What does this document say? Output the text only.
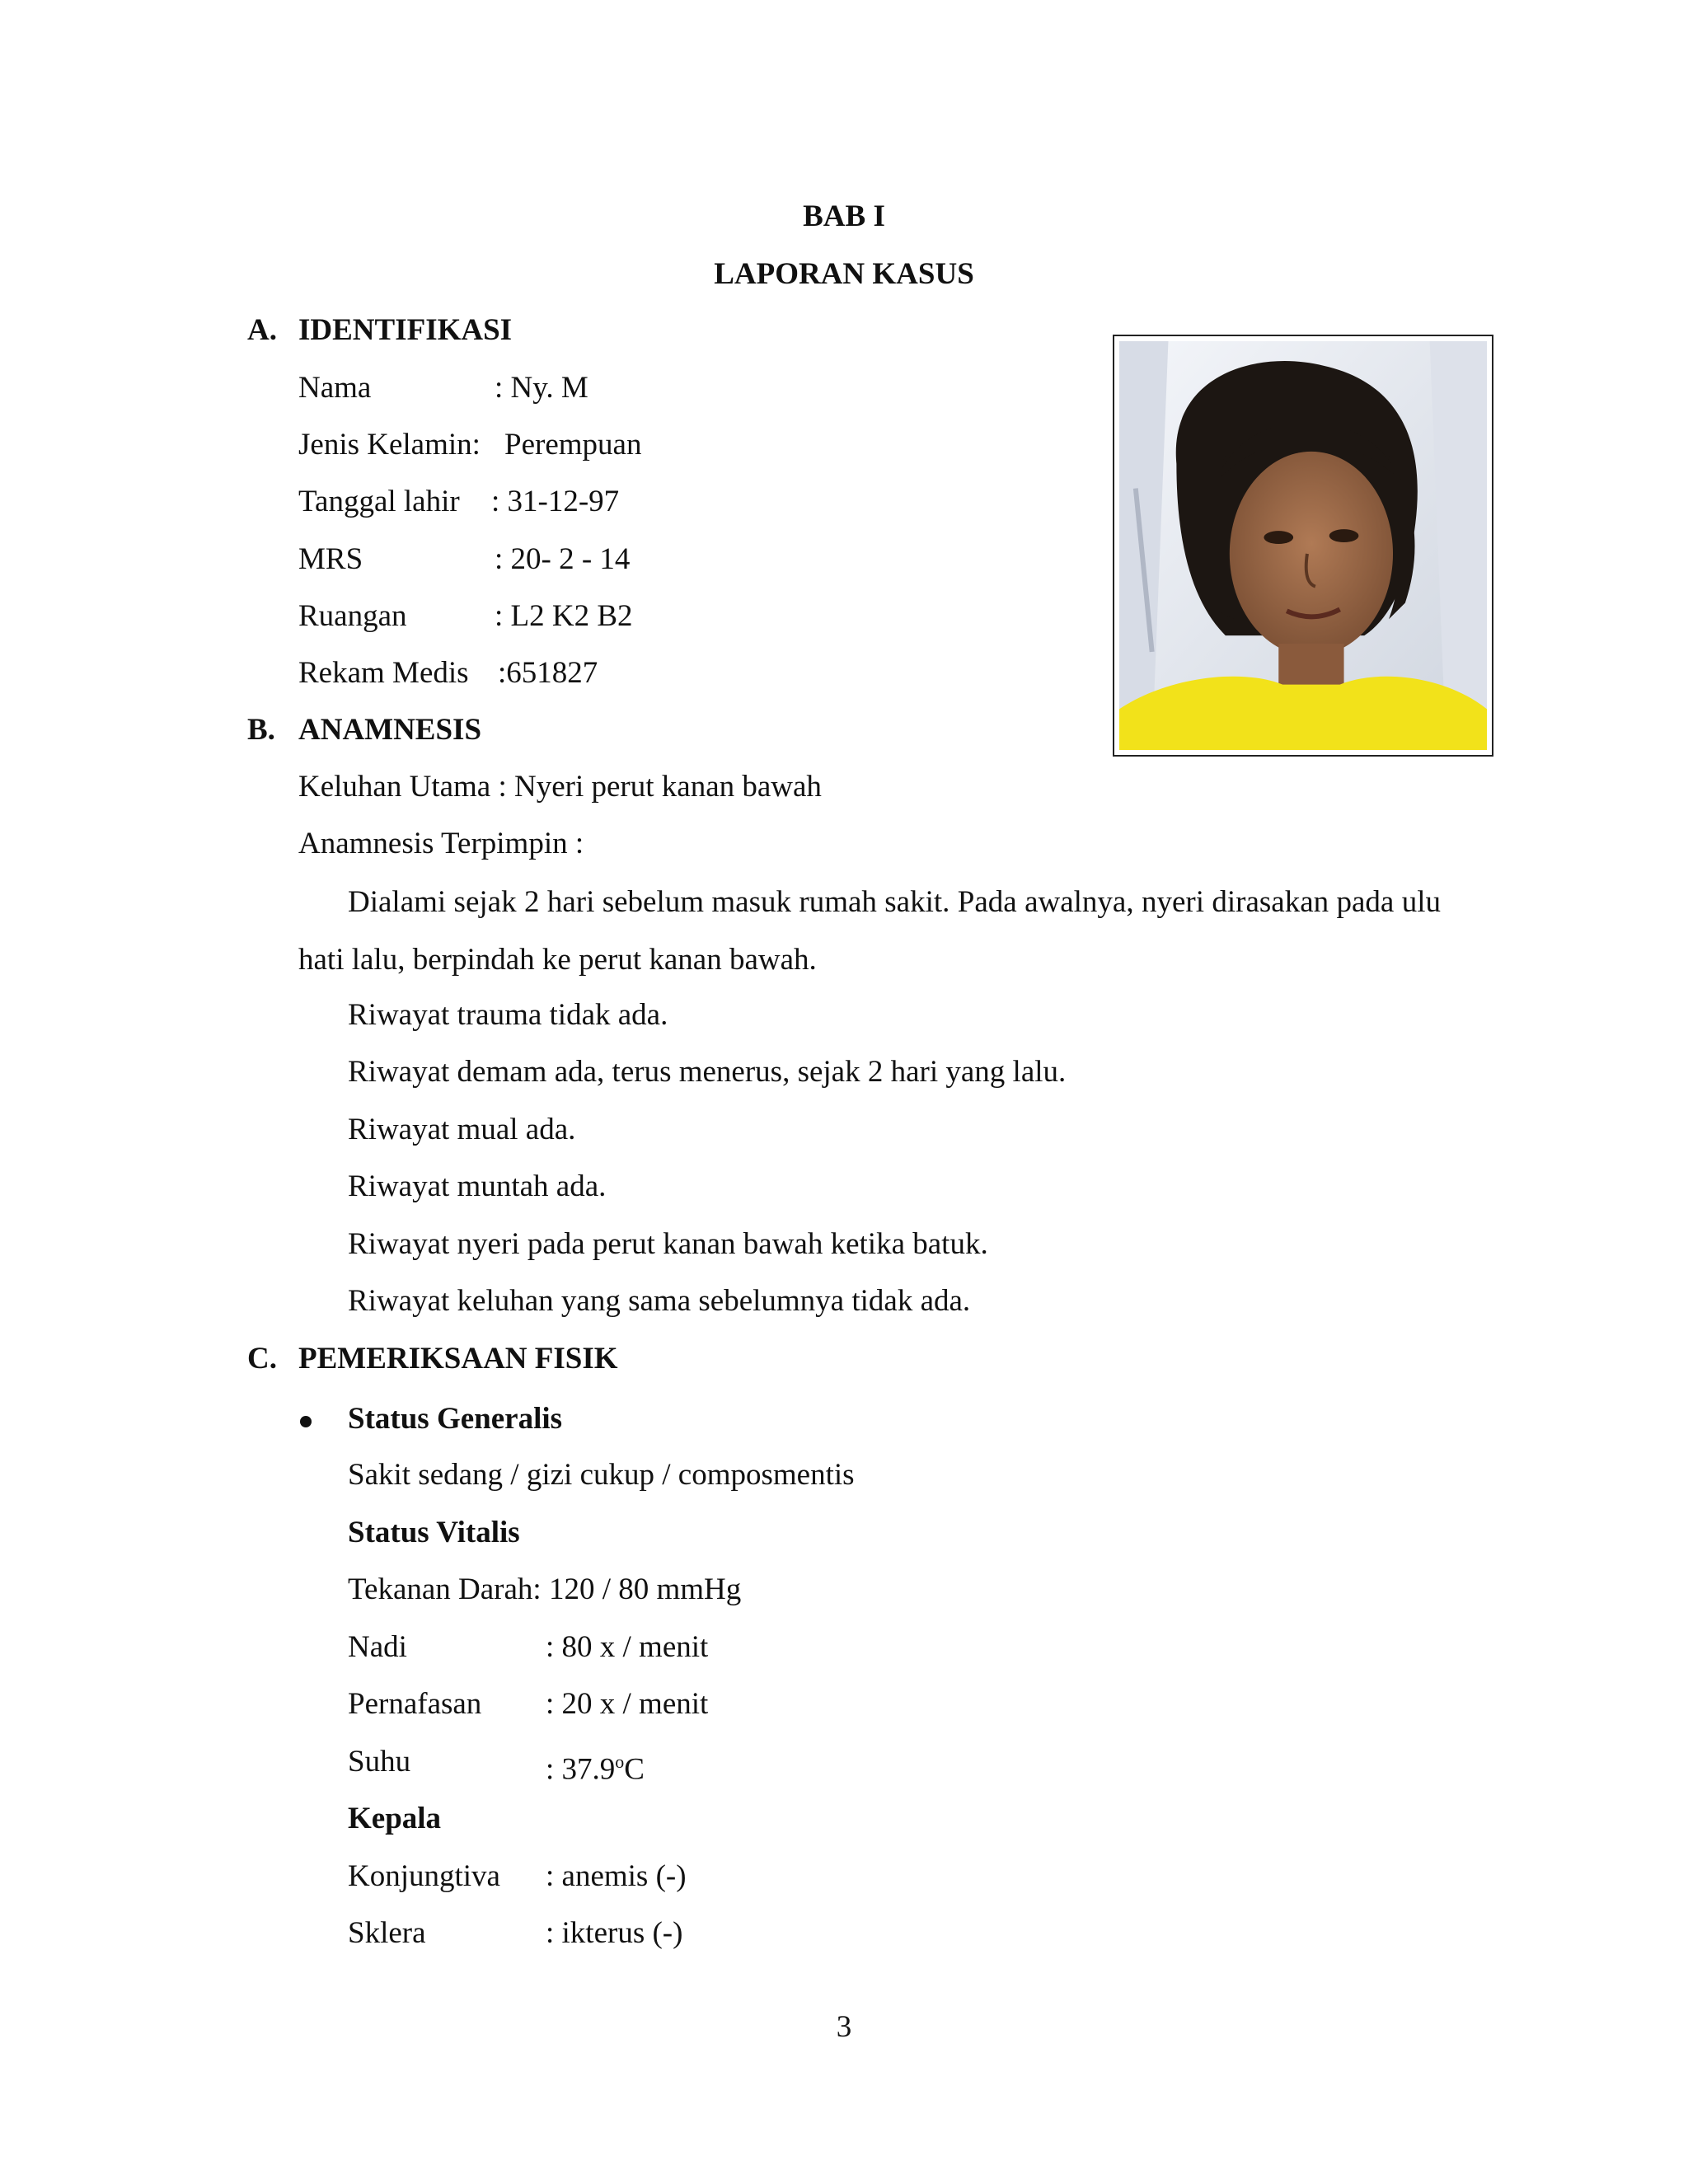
BAB I
LAPORAN KASUS
A. IDENTIFIKASI
Nama	: Ny. M
Jenis Kelamin: Perempuan
Tanggal lahir : 31-12-97
MRS	: 20- 2 - 14
Ruangan	: L2 K2 B2
Rekam Medis :651827
B. ANAMNESIS
Keluhan Utama : Nyeri perut kanan bawah
Anamnesis Terpimpin :
Dialami sejak 2 hari sebelum masuk rumah sakit. Pada awalnya, nyeri dirasakan pada ulu hati lalu, berpindah ke perut kanan bawah.
Riwayat trauma tidak ada.
Riwayat demam ada, terus menerus, sejak 2 hari yang lalu.
Riwayat mual ada.
Riwayat muntah ada.
Riwayat nyeri pada perut kanan bawah ketika batuk.
Riwayat keluhan yang sama sebelumnya tidak ada.
C. PEMERIKSAAN FISIK
Status Generalis
Sakit sedang / gizi cukup / composmentis
Status Vitalis
Tekanan Darah: 120 / 80 mmHg
Nadi	: 80 x / menit
Pernafasan : 20 x / menit
Suhu	: 37.9$^o$C
Kepala
Konjungtiva : anemis (-)
Sklera	: ikterus (-)
3
